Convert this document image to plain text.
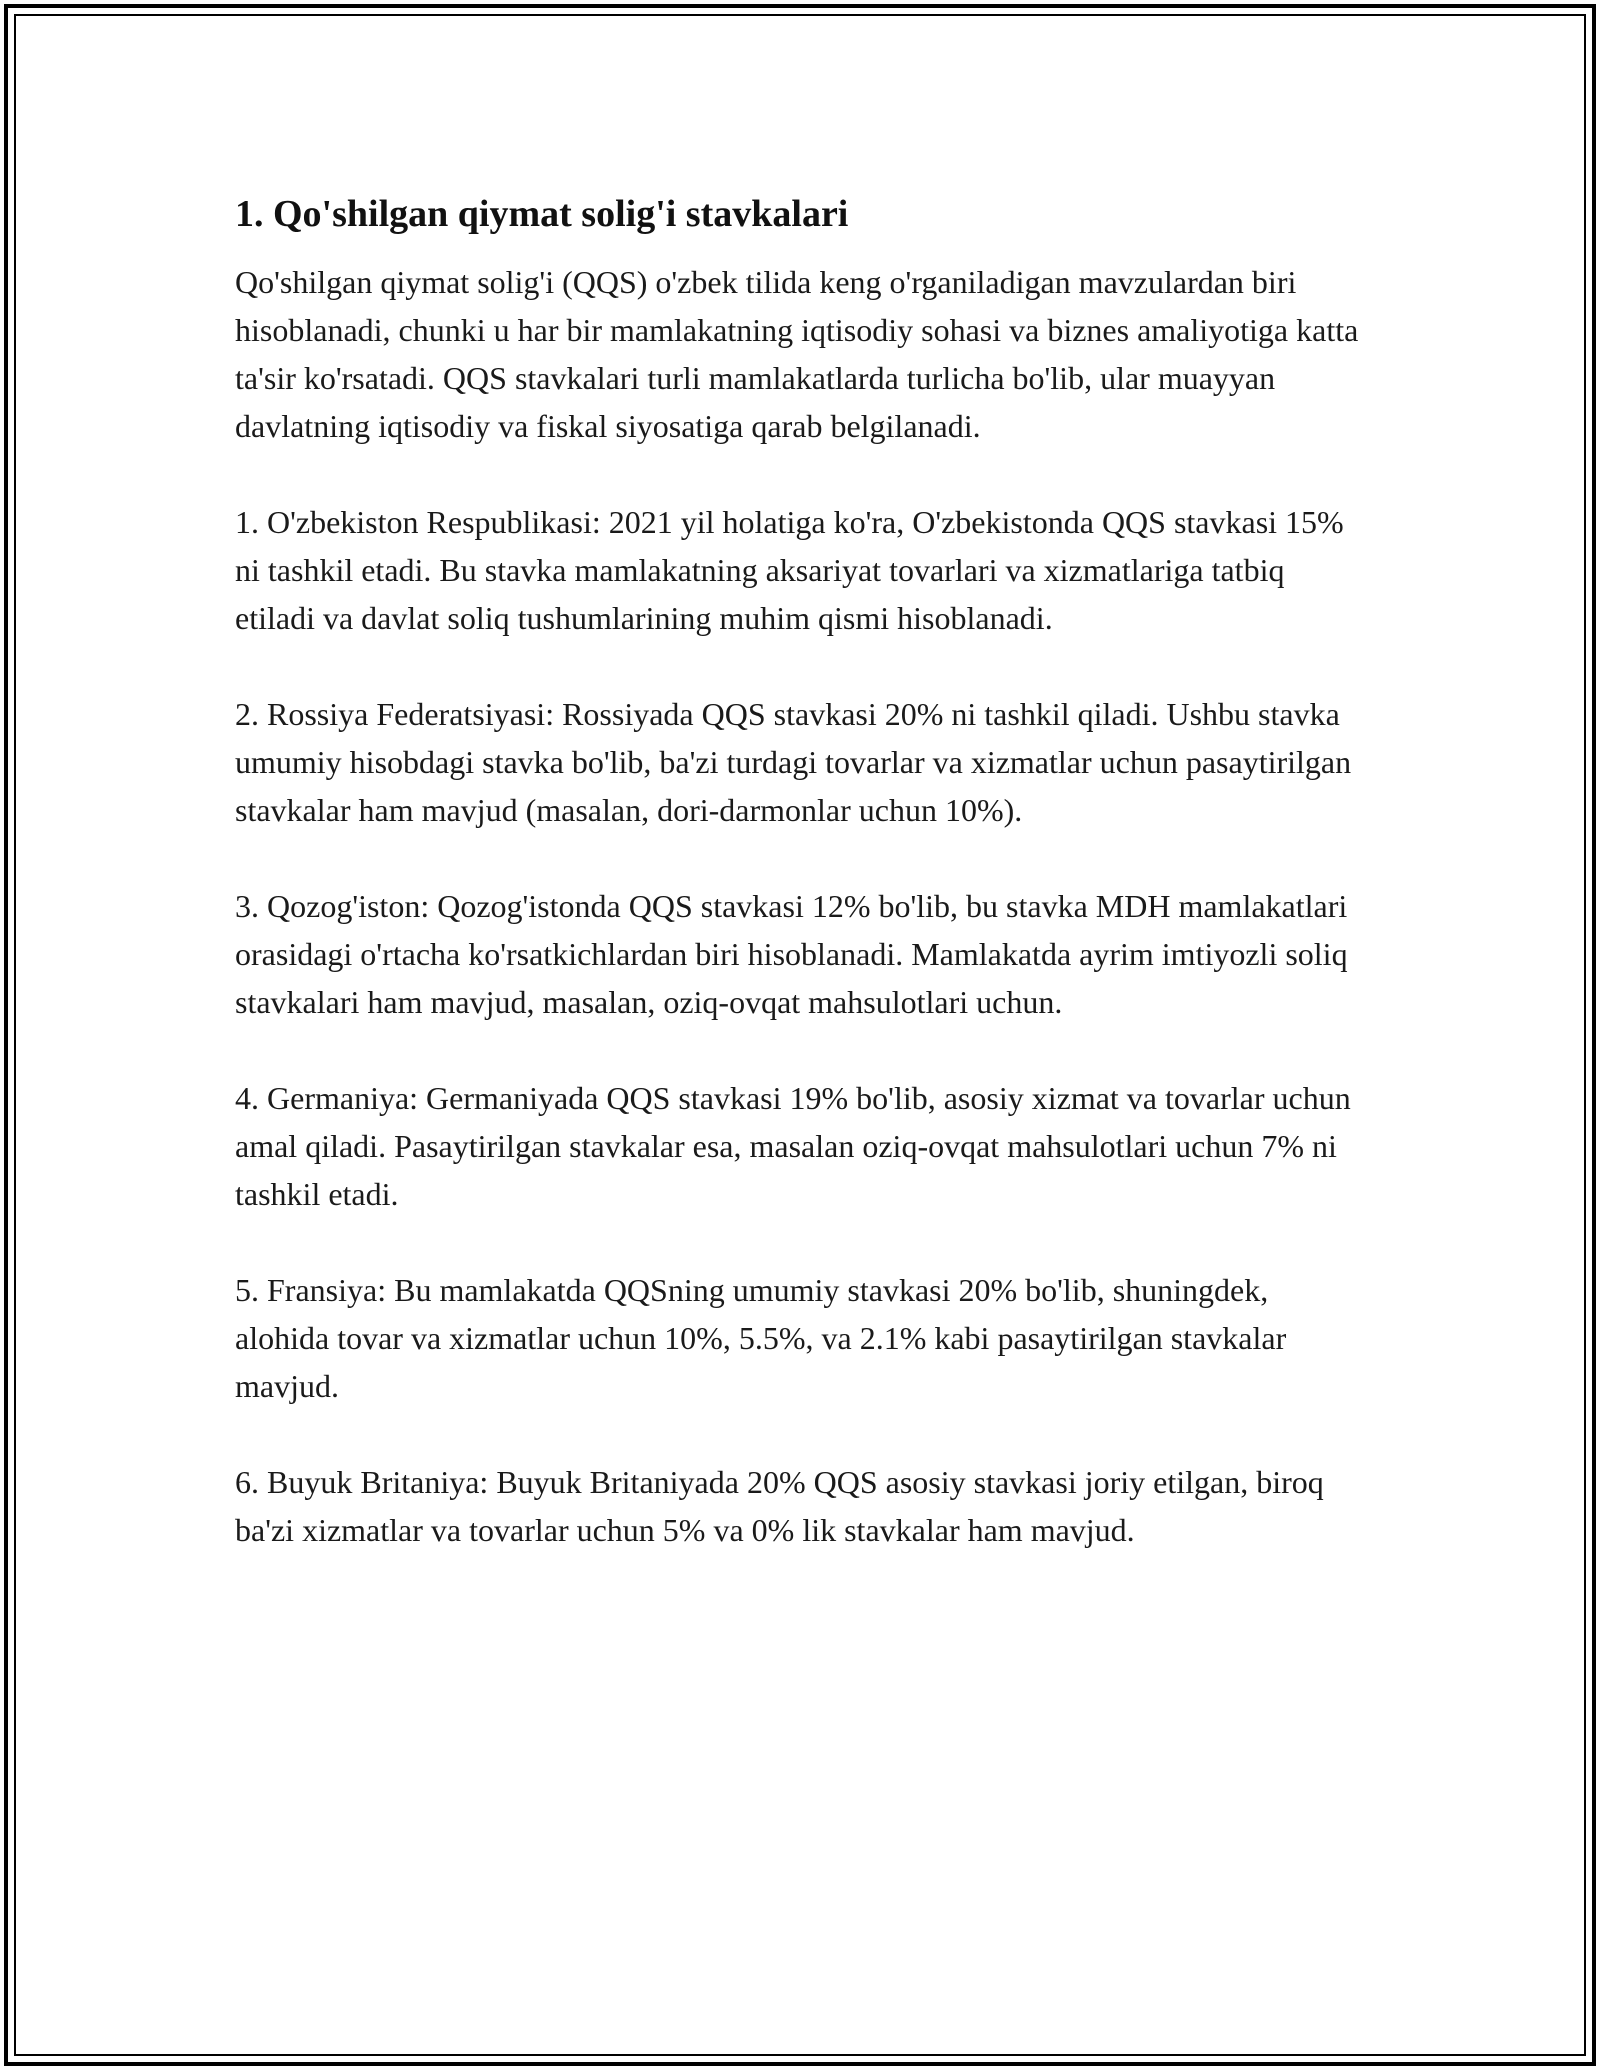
1. Qo'shilgan qiymat solig'i stavkalari

Qo'shilgan qiymat solig'i (QQS) o'zbek tilida keng o'rganiladigan mavzulardan biri hisoblanadi, chunki u har bir mamlakatning iqtisodiy sohasi va biznes amaliyotiga katta ta'sir ko'rsatadi. QQS stavkalari turli mamlakatlarda turlicha bo'lib, ular muayyan davlatning iqtisodiy va fiskal siyosatiga qarab belgilanadi.

1. O'zbekiston Respublikasi: 2021 yil holatiga ko'ra, O'zbekistonda QQS stavkasi 15% ni tashkil etadi. Bu stavka mamlakatning aksariyat tovarlari va xizmatlariga tatbiq etiladi va davlat soliq tushumlarining muhim qismi hisoblanadi.

2. Rossiya Federatsiyasi: Rossiyada QQS stavkasi 20% ni tashkil qiladi. Ushbu stavka umumiy hisobdagi stavka bo'lib, ba'zi turdagi tovarlar va xizmatlar uchun pasaytirilgan stavkalar ham mavjud (masalan, dori-darmonlar uchun 10%).

3. Qozog'iston: Qozog'istonda QQS stavkasi 12% bo'lib, bu stavka MDH mamlakatlari orasidagi o'rtacha ko'rsatkichlardan biri hisoblanadi. Mamlakatda ayrim imtiyozli soliq stavkalari ham mavjud, masalan, oziq-ovqat mahsulotlari uchun.

4. Germaniya: Germaniyada QQS stavkasi 19% bo'lib, asosiy xizmat va tovarlar uchun amal qiladi. Pasaytirilgan stavkalar esa, masalan oziq-ovqat mahsulotlari uchun 7% ni tashkil etadi.

5. Fransiya: Bu mamlakatda QQSning umumiy stavkasi 20% bo'lib, shuningdek, alohida tovar va xizmatlar uchun 10%, 5.5%, va 2.1% kabi pasaytirilgan stavkalar mavjud.

6. Buyuk Britaniya: Buyuk Britaniyada 20% QQS asosiy stavkasi joriy etilgan, biroq ba'zi xizmatlar va tovarlar uchun 5% va 0% lik stavkalar ham mavjud.
